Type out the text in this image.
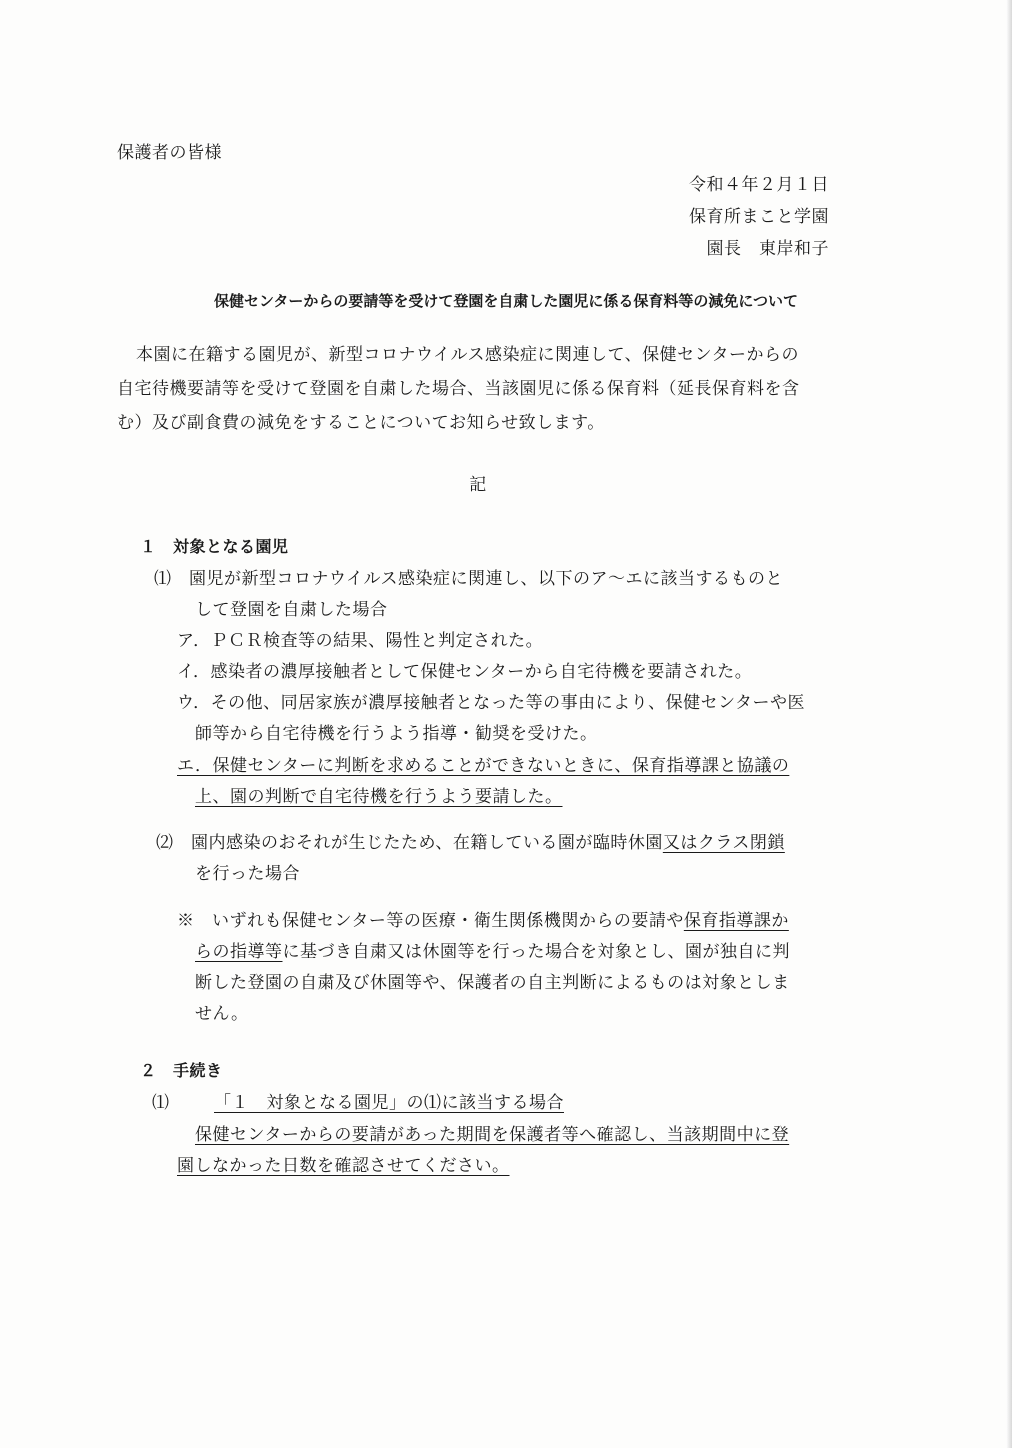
保護者の皆様
令和４年２月１日
保育所まこと学園
園長　東岸和子
保健センターからの要請等を受けて登園を自粛した園児に係る保育料等の減免について
本園に在籍する園児が、新型コロナウイルス感染症に関連して、保健センターからの
自宅待機要請等を受けて登園を自粛した場合、当該園児に係る保育料（延長保育料を含
む）及び副食費の減免をすることについてお知らせ致します。
記
１　対象となる園児
⑴　園児が新型コロナウイルス感染症に関連し、以下のア～エに該当するものと
して登園を自粛した場合
ア．ＰＣＲ検査等の結果、陽性と判定された。
イ．感染者の濃厚接触者として保健センターから自宅待機を要請された。
ウ．その他、同居家族が濃厚接触者となった等の事由により、保健センターや医
師等から自宅待機を行うよう指導・勧奨を受けた。
エ．保健センターに判断を求めることができないときに、保育指導課と協議の
上、園の判断で自宅待機を行うよう要請した。
⑵　園内感染のおそれが生じたため、在籍している園が臨時休園又はクラス閉鎖
を行った場合
※　いずれも保健センター等の医療・衛生関係機関からの要請や保育指導課か
らの指導等に基づき自粛又は休園等を行った場合を対象とし、園が独自に判
断した登園の自粛及び休園等や、保護者の自主判断によるものは対象としま
せん。
２　手続き
⑴	「１　対象となる園児」の⑴に該当する場合
保健センターからの要請があった期間を保護者等へ確認し、当該期間中に登
園しなかった日数を確認させてください。
